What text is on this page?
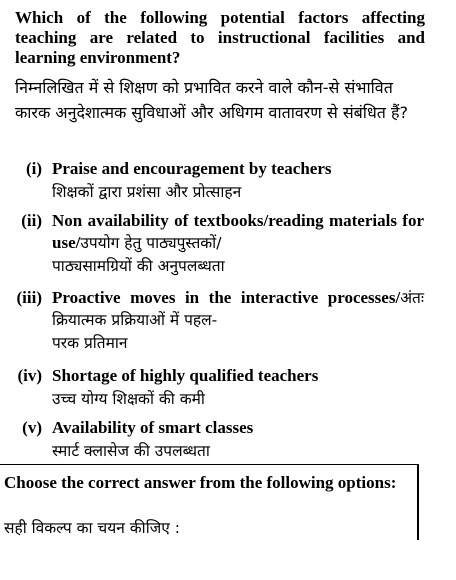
Which of the following potential factors affecting teaching are related to instructional facilities and learning environment?
निम्नलिखित में से शिक्षण को प्रभावित करने वाले कौन-से संभावित कारक अनुदेशात्मक सुविधाओं और अधिगम वातावरण से संबंधित हैं?
(i) Praise and encouragement by teachers
शिक्षकों द्वारा प्रशंसा और प्रोत्साहन
(ii) Non availability of textbooks/reading materials for use/उपयोग हेतु पाठ्यपुस्तकों/
पाठ्यसामग्रियों की अनुपलब्धता
(iii) Proactive moves in the interactive processes/अंतः क्रियात्मक प्रक्रियाओं में पहल-
परक प्रतिमान
(iv) Shortage of highly qualified teachers
उच्च योग्य शिक्षकों की कमी
(v) Availability of smart classes
स्मार्ट क्लासेज की उपलब्धता
Choose the correct answer from the following options:
सही विकल्प का चयन कीजिए :
